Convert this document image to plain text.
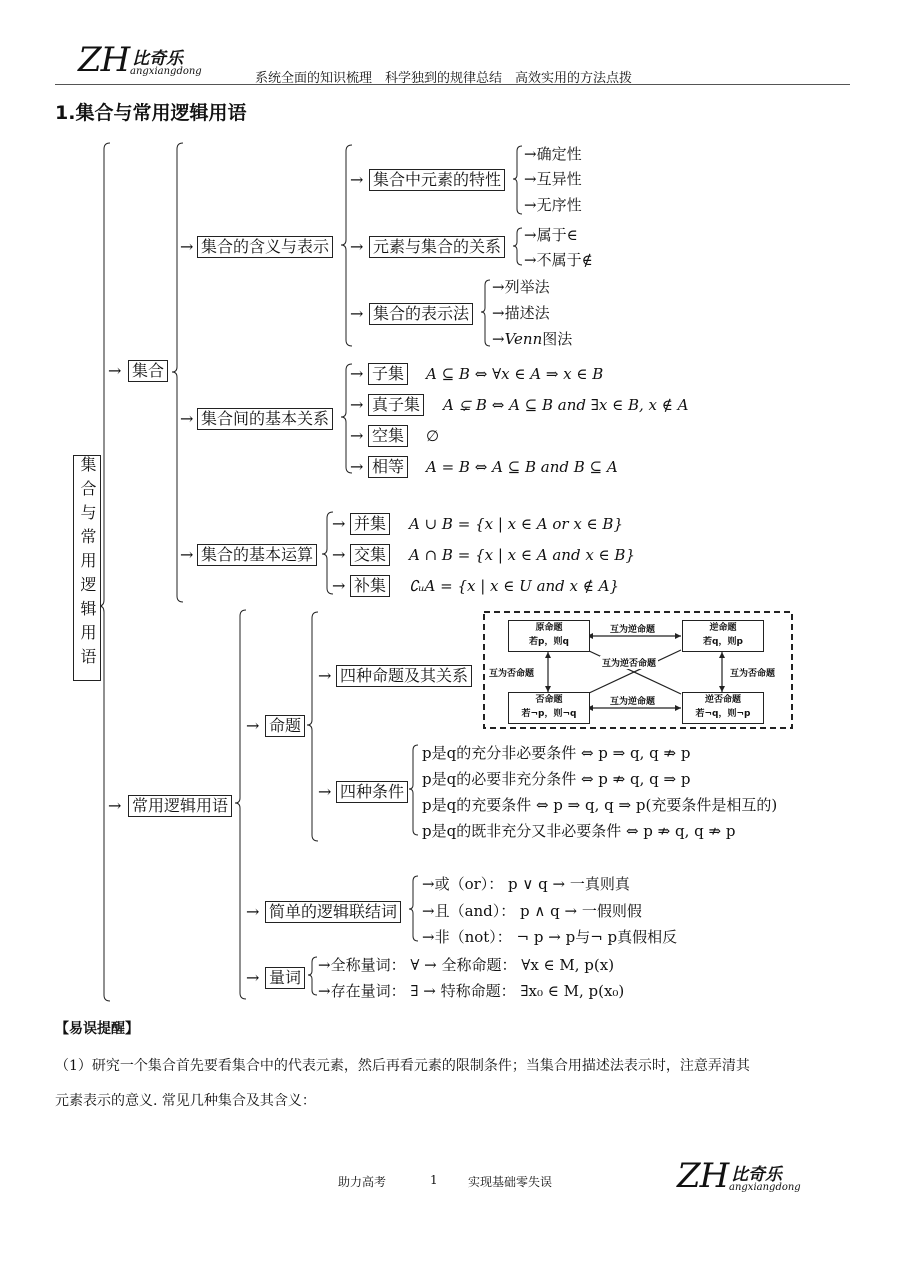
ZH 比奇乐
angxiangdong	系统全面的知识梳理　科学独到的规律总结　高效实用的方法点拨
1.集合与常用逻辑用语
集合与常用逻辑用语
→ 集合
→ 集合的含义与表示
→ 集合中元素的特性
→确定性
→互异性
→无序性
→ 元素与集合的关系
→属于∈
→不属于∉
→ 集合的表示法
→列举法
→描述法
→Venn图法
→ 集合间的基本关系
→ 子集 A ⊆ B ⇔ ∀x ∈ A ⇒ x ∈ B
→ 真子集 A ⊊ B ⇔ A ⊆ B and ∃x ∈ B, x ∉ A
→ 空集 ∅
→ 相等 A = B ⇔ A ⊆ B and B ⊆ A
→ 集合的基本运算
→ 并集 A ∪ B = {x | x ∈ A or x ∈ B}
→ 交集 A ∩ B = {x | x ∈ A and x ∈ B}
→ 补集 ∁ᵤA = {x | x ∈ U and x ∉ A}
→ 常用逻辑用语
→ 命题
→ 四种命题及其关系
原命题
若p，则q
逆命题
若q，则p
否命题
若¬p，则¬q
逆否命题
若¬q，则¬p
互为逆命题
互为逆命题
互为否命题	互为否命题
互为逆否命题
→ 四种条件
p是q的充分非必要条件 ⇔ p ⇒ q, q ⇏ p
p是q的必要非充分条件 ⇔ p ⇏ q, q ⇒ p
p是q的充要条件 ⇔ p ⇒ q, q ⇒ p(充要条件是相互的)
p是q的既非充分又非必要条件 ⇔ p ⇏ q, q ⇏ p
→ 简单的逻辑联结词
→或（or）： p ∨ q → 一真则真
→且（and）： p ∧ q → 一假则假
→非（not）： ¬ p → p与¬ p真假相反
→ 量词
→全称量词： ∀ → 全称命题： ∀x ∈ M, p(x)
→存在量词： ∃ → 特称命题： ∃x₀ ∈ M, p(x₀)
【易误提醒】
（1）研究一个集合首先要看集合中的代表元素，然后再看元素的限制条件；当集合用描述法表示时，注意弄清其
元素表示的意义. 常见几种集合及其含义：
助力高考	1	实现基础零失误	ZH 比奇乐
angxiangdong
